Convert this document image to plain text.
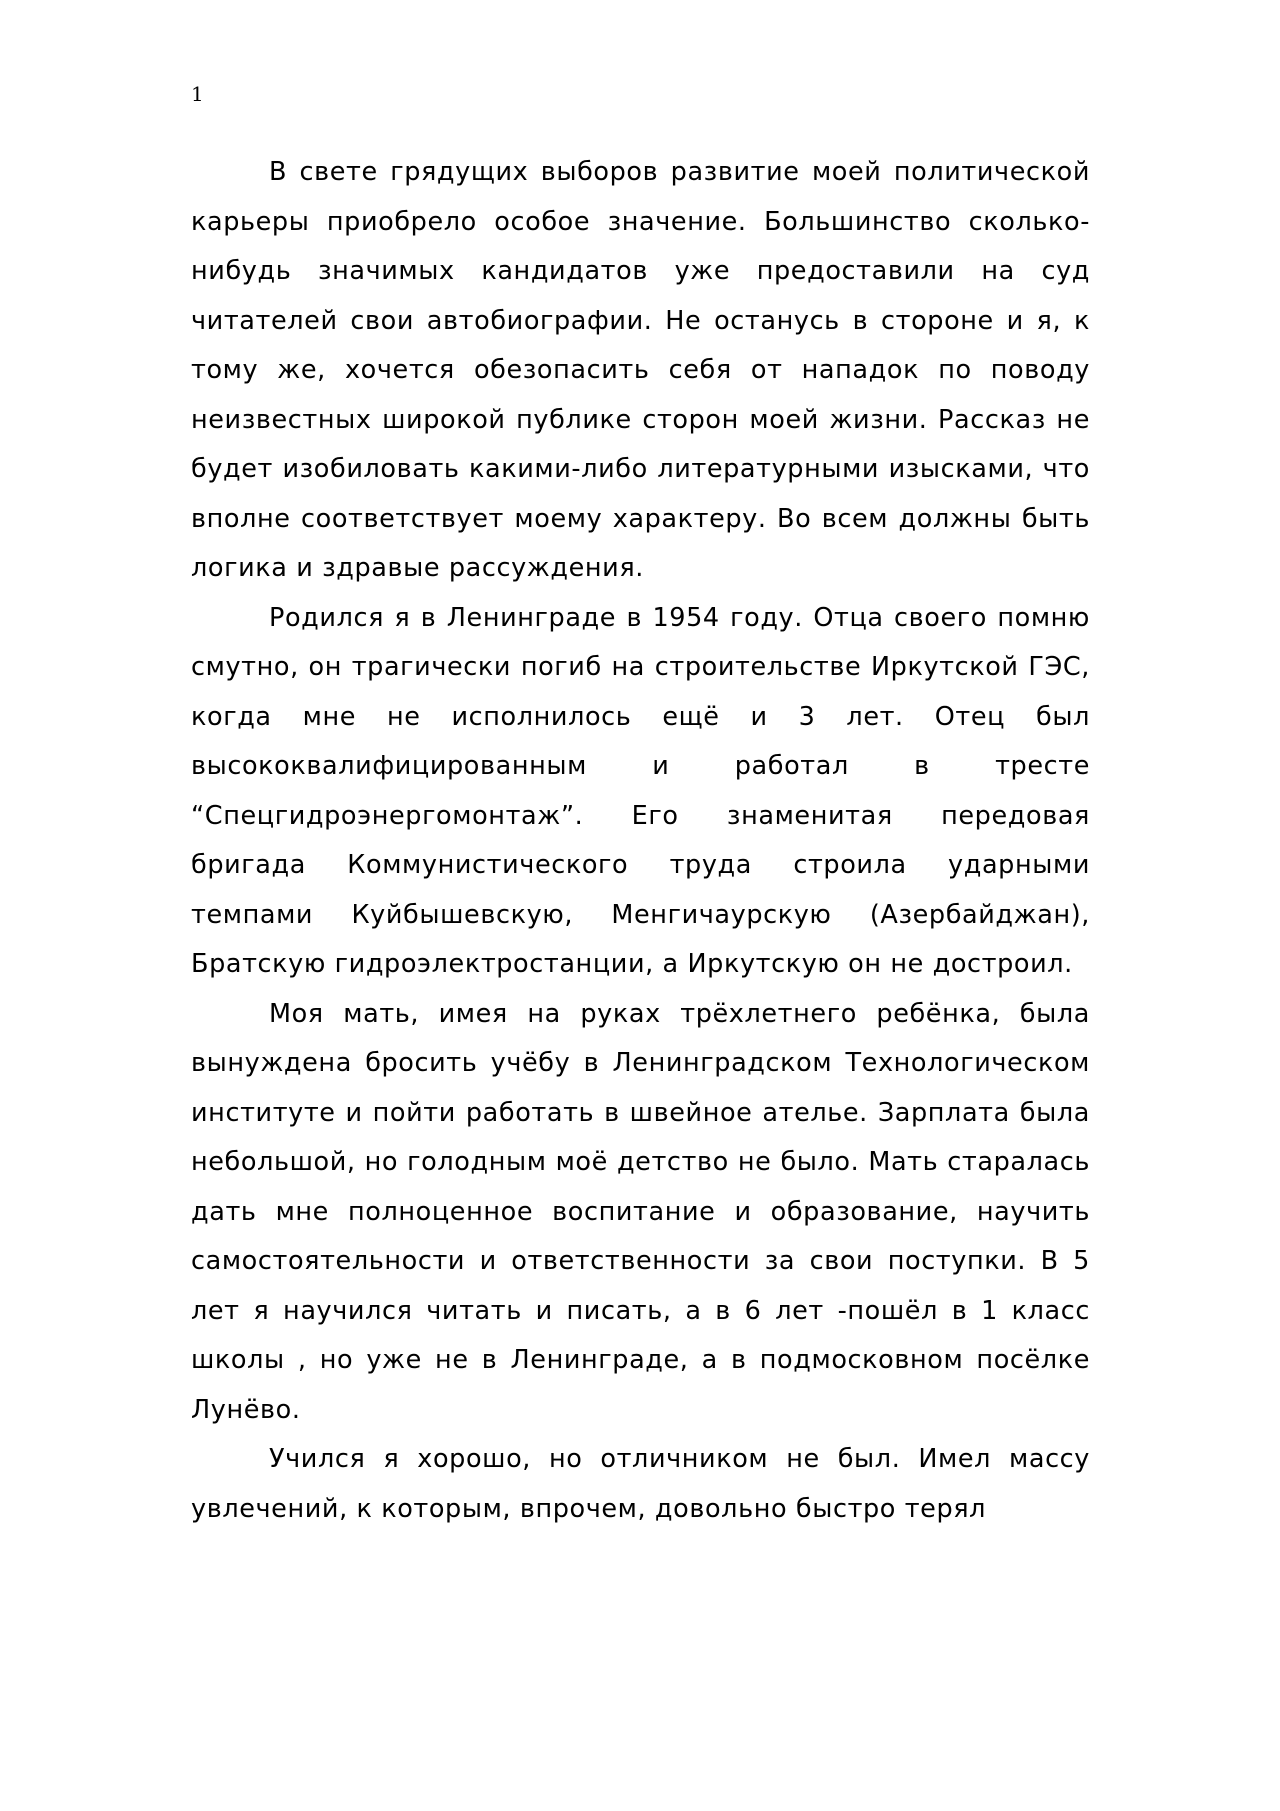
1

В свете грядущих выборов развитие моей политической карьеры приобрело особое значение. Большинство сколько-нибудь значимых кандидатов уже предоставили на суд читателей свои автобиографии. Не останусь в стороне и я, к тому же, хочется обезопасить себя от нападок по поводу неизвестных широкой публике сторон моей жизни. Рассказ не будет изобиловать какими-либо литературными изысками, что вполне соответствует моему характеру. Во всем должны быть логика и здравые рассуждения.

Родился я в Ленинграде в 1954 году. Отца своего помню смутно, он трагически погиб на строительстве Иркутской ГЭС, когда мне не исполнилось ещё и 3 лет. Отец был высококвалифицированным и работал в тресте “Спецгидроэнергомонтаж”. Его знаменитая передовая бригада Коммунистического труда строила ударными темпами Куйбышевскую, Менгичаурскую (Азербайджан), Братскую гидроэлектростанции, а Иркутскую он не достроил.

Моя мать, имея на руках трёхлетнего ребёнка, была вынуждена бросить учёбу в Ленинградском Технологическом институте и пойти работать в швейное ателье. Зарплата была небольшой, но голодным моё детство не было. Мать старалась дать мне полноценное воспитание и образование, научить самостоятельности и ответственности за свои поступки. В 5 лет я научился читать и писать, а в 6 лет -пошёл в 1 класс школы , но уже не в Ленинграде, а в подмосковном посёлке Лунёво.

Учился я хорошо, но отличником не был. Имел массу увлечений, к которым, впрочем, довольно быстро терял
